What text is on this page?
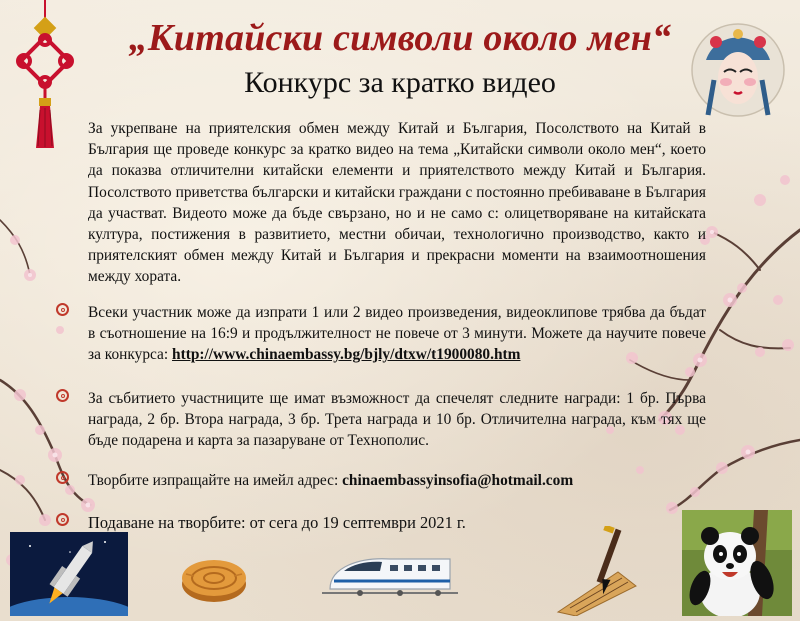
„Китайски символи около мен“
Конкурс за кратко видео

За укрепване на приятелския обмен между Китай и България, Посолството на Китай в България ще проведе конкурс за кратко видео на тема „Китайски символи около мен“, което да показва отличителни китайски елементи и приятелството между Китай и България. Посолството приветства български и китайски граждани с постоянно пребиваване в България да участват. Видеото може да бъде свързано, но и не само с: олицетворяване на китайската култура, постижения в развитието, местни обичаи, технологично производство, както и приятелският обмен между Китай и България и прекрасни моменти на взаимоотношения между хората.

Всеки участник може да изпрати 1 или 2 видео произведения, видеоклипове трябва да бъдат в съотношение на 16:9 и продължителност не повече от 3 минути. Можете да научите повече за конкурса: http://www.chinaembassy.bg/bjly/dtxw/t1900080.htm
За събитието участниците ще имат възможност да спечелят следните награди: 1 бр. Първа награда, 2 бр. Втора награда, 3 бр. Трета награда и 10 бр. Отличителна награда, към тях ще бъде подарена и карта за пазаруване от Технополис.
Творбите изпращайте на имейл адрес: chinaembassyinsofia@hotmail.com
Подаване на творбите: от сега до 19 септември 2021 г.
